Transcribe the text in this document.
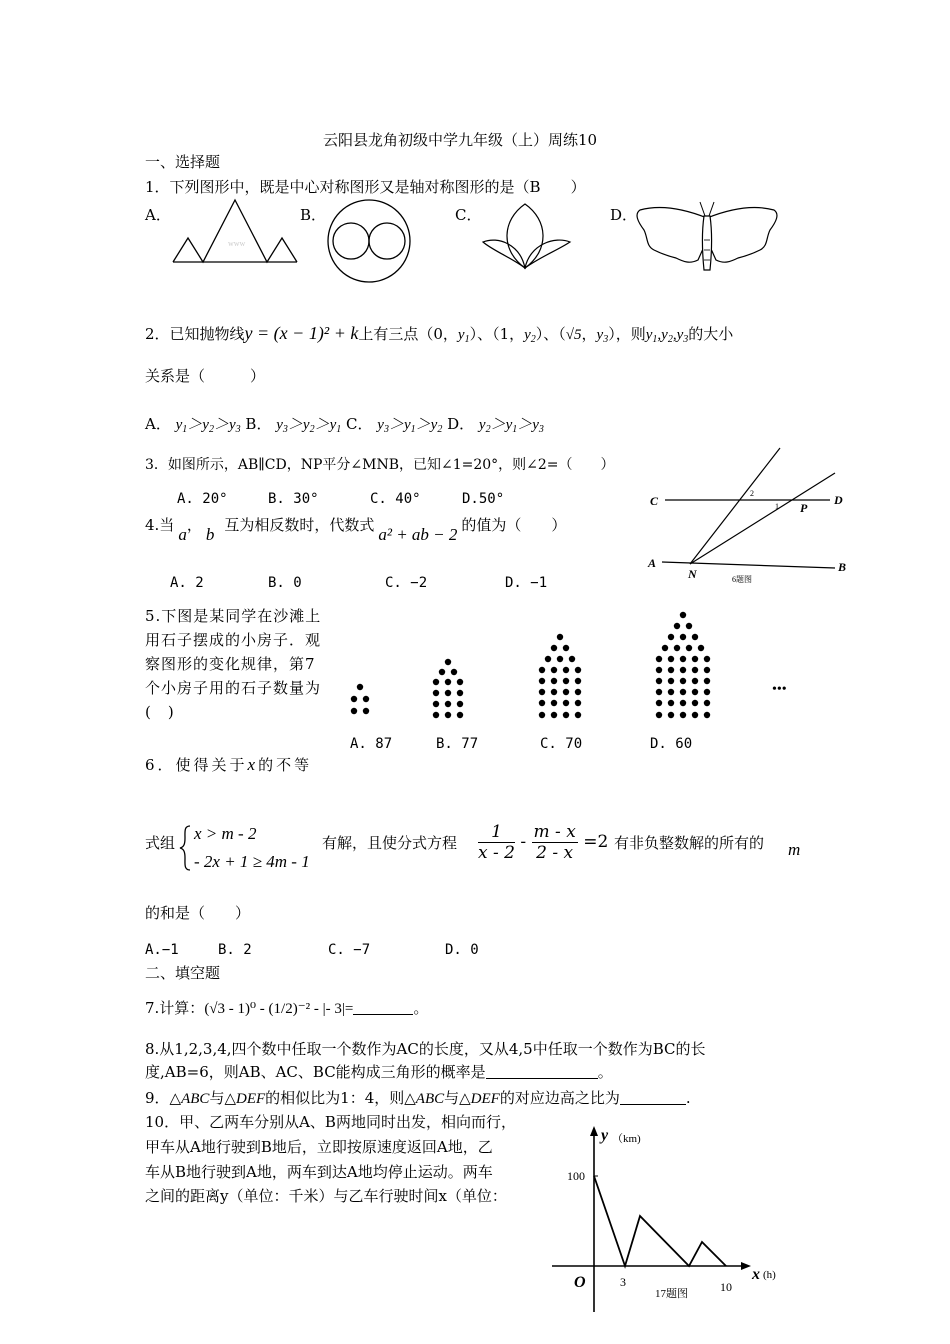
云阳县龙角初级中学九年级（上）周练10
一、选择题
1．下列图形中，既是中心对称图形又是轴对称图形的是（B　　）
A．	B．	C．	D．
www
2．已知抛物线y = (x − 1)² + k上有三点（0，$y_1$）、（1，$y_2$）、（√5，$y_3$），则$y_1,y_2,y_3$的大小
关系是（　　　）
A． $y_1>y_2>y_3$ B． $y_3>y_2>y_1$ C． $y_3>y_1>y_2$ D． $y_2>y_1>y_3$
3．如图所示，AB∥CD，NP平分∠MNB，已知∠1=20°，则∠2=（　　）
A. 20°	B. 30°	C. 40°	D.50°	C	D
A	B
N
P
1
2
6题图
4.当 a， b 互为相反数时，代数式 a² + ab − 2 的值为（　　）
A. 2	B. 0	C. −2	D. −1
5.下图是某同学在沙滩上用石子摆成的小房子．观察图形的变化规律，第7个小房子用的石子数量为(　)
•••
A. 87	B. 77	C. 70	D. 60
6．使得关于x的不等
式组 x > m - 2
- 2x + 1 ≥ 4m - 1
有解，且使分式方程 $\frac{1}{x - 2} - \frac{m - x}{2 - x} =2$ 有非负整数解的所有的 m
的和是（　　）
A.−1	B. 2	C. −7	D. 0
二、填空题
7.计算：(√3 - 1)⁰ - (1/2)⁻² - |- 3|=	。
8.从1,2,3,4,四个数中任取一个数作为AC的长度，又从4,5中任取一个数作为BC的长
度,AB=6，则AB、AC、BC能构成三角形的概率是	。
9．△ABC与△DEF的相似比为1：4，则△ABC与△DEF的对应边高之比为	.
10．甲、乙两车分别从A、B两地同时出发，相向而行，
甲车从A地行驶到B地后，立即按原速度返回A地，乙
车从B地行驶到A地，两车到达A地均停止运动。两车
之间的距离y（单位：千米）与乙车行驶时间x（单位：
y （km)
x (h)
O
100
3	10
17题图
